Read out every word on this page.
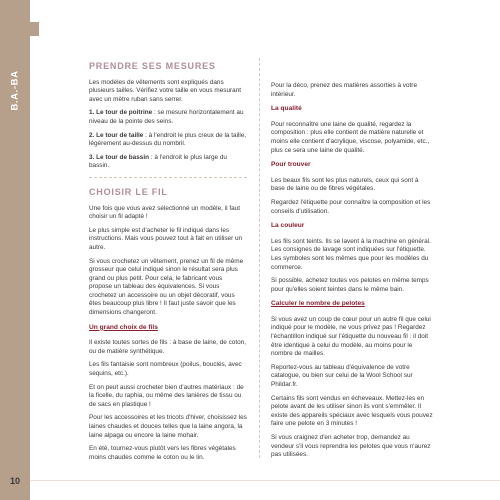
B.A.-BA
10
PRENDRE SES MESURES

Les modèles de vêtements sont expliqués dans plusieurs tailles. Vérifiez votre taille en vous mesurant avec un mètre ruban sans serrer.

1. Le tour de poitrine : se mesure horizontalement au niveau de la pointe des seins.

2. Le tour de taille : à l'endroit le plus creux de la taille, légèrement au-dessus du nombril.

3. Le tour de bassin : à l'endroit le plus large du bassin.

CHOISIR LE FIL

Une fois que vous avez sélectionné un modèle, il faut choisir un fil adapté !

Le plus simple est d'acheter le fil indiqué dans les instructions. Mais vous pouvez tout à fait en utiliser un autre.

Si vous crochetez un vêtement, prenez un fil de même grosseur que celui indiqué sinon le résultat sera plus grand ou plus petit. Pour cela, le fabricant vous propose un tableau des équivalences. Si vous crochetez un accessoire ou un objet décoratif, vous êtes beaucoup plus libre ! Il faut juste savoir que les dimensions changeront.

Un grand choix de fils

Il existe toutes sortes de fils : à base de laine, de coton, ou de matière synthétique.

Les fils fantaisie sont nombreux (poilus, bouclés, avec sequins, etc.).

Et on peut aussi crocheter bien d'autres matériaux : de la ficelle, du raphia, ou même des lanières de tissu ou de sacs en plastique !

Pour les accessoires et les tricots d'hiver, choisissez les laines chaudes et douces telles que la laine angora, la laine alpaga ou encore la laine mohair.

En été, tournez-vous plutôt vers les fibres végétales moins chaudes comme le coton ou le lin.

Pour la déco, prenez des matières assorties à votre intérieur.

La qualité

Pour reconnaître une laine de qualité, regardez la composition : plus elle contient de matière naturelle et moins elle contient d'acrylique, viscose, polyamide, etc., plus ce sera une laine de qualité.

Pour trouver

Les beaux fils sont les plus naturels, ceux qui sont à base de laine ou de fibres végétales.

Regardez l'étiquette pour connaître la composition et les conseils d'utilisation.

La couleur

Les fils sont teints. Ils se lavent à la machine en général. Les consignes de lavage sont indiquées sur l'étiquette. Les symboles sont les mêmes que pour les modèles du commerce.

Si possible, achetez toutes vos pelotes en même temps pour qu'elles soient teintes dans le même bain.

Calculer le nombre de pelotes

Si vous avez un coup de cœur pour un autre fil que celui indiqué pour le modèle, ne vous privez pas ! Regardez l'échantillon indiqué sur l'étiquette du nouveau fil : il doit être identique à celui du modèle, au moins pour le nombre de mailles.

Reportez-vous au tableau d'équivalence de votre catalogue, ou bien sur celui de la Wool School sur Phildar.fr.

Certains fils sont vendus en écheveaux. Mettez-les en pelote avant de les utiliser sinon ils vont s'emmêler. Il existe des appareils spéciaux avec lesquels vous pouvez faire une pelote en 3 minutes !

Si vous craignez d'en acheter trop, demandez au vendeur s'il vous reprendra les pelotes que vous n'aurez pas utilisées.
